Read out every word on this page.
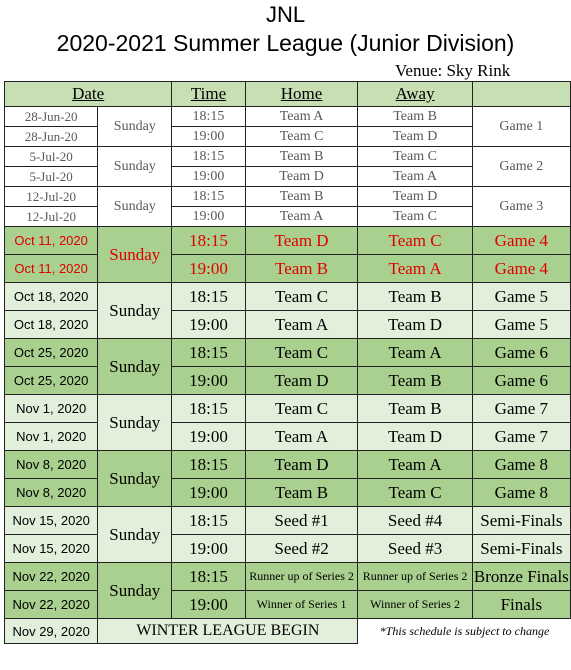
JNL
2020-2021 Summer League (Junior Division)
Venue: Sky Rink
Date		Time	Home	Away	
28-Jun-20	Sunday	18:15	Team A	Team B	Game 1
28-Jun-20		19:00	Team C	Team D	
5-Jul-20	Sunday	18:15	Team B	Team C	Game 2
5-Jul-20		19:00	Team D	Team A	
12-Jul-20	Sunday	18:15	Team B	Team D	Game 3
12-Jul-20		19:00	Team A	Team C	
Oct 11, 2020	Sunday	18:15	Team D	Team C	Game 4
Oct 11, 2020		19:00	Team B	Team A	Game 4
Oct 18, 2020	Sunday	18:15	Team C	Team B	Game 5
Oct 18, 2020		19:00	Team A	Team D	Game 5
Oct 25, 2020	Sunday	18:15	Team C	Team A	Game 6
Oct 25, 2020		19:00	Team D	Team B	Game 6
Nov 1, 2020	Sunday	18:15	Team C	Team B	Game 7
Nov 1, 2020		19:00	Team A	Team D	Game 7
Nov 8, 2020	Sunday	18:15	Team D	Team A	Game 8
Nov 8, 2020		19:00	Team B	Team C	Game 8
Nov 15, 2020	Sunday	18:15	Seed #1	Seed #4	Semi-Finals
Nov 15, 2020		19:00	Seed #2	Seed #3	Semi-Finals
Nov 22, 2020	Sunday	18:15	Runner up of Series 2	Runner up of Series 2	Bronze Finals
Nov 22, 2020		19:00	Winner of Series 1	Winner of Series 2	Finals
Nov 29, 2020	WINTER LEAGUE BEGIN			*This schedule is subject to change	
